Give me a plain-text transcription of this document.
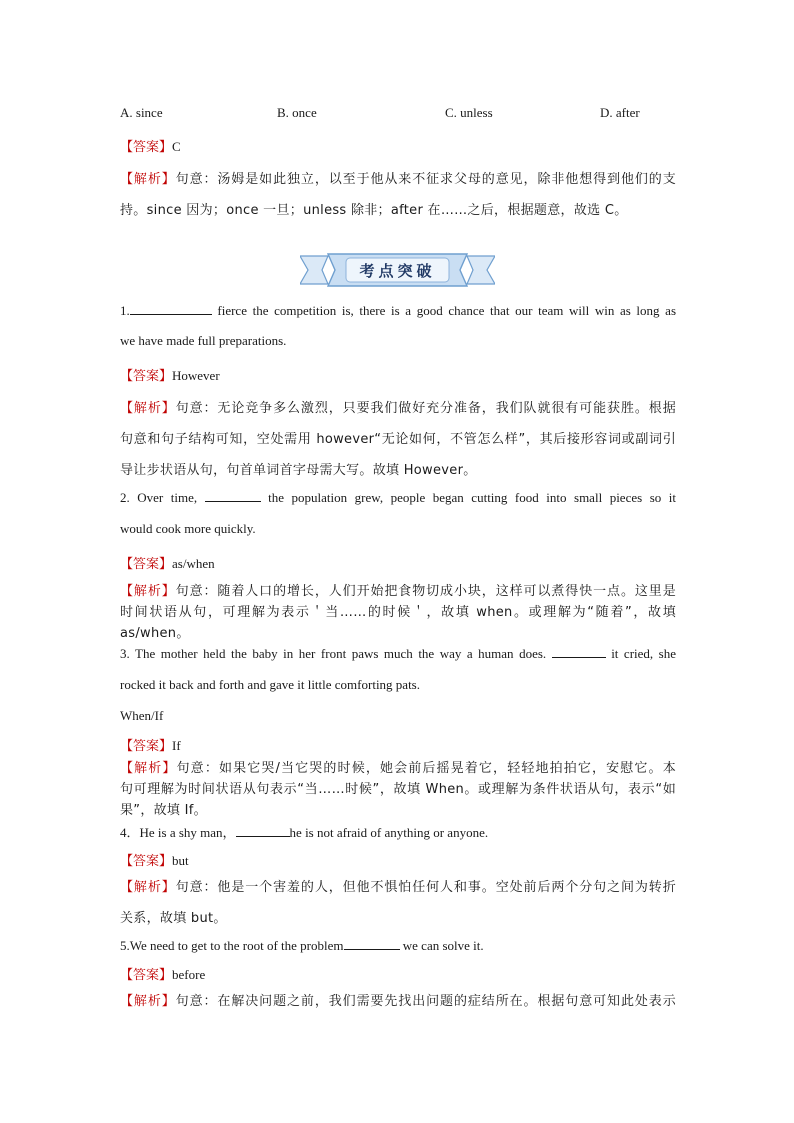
A. since	B. once	C. unless	D. after
【答案】C
【解析】句意：汤姆是如此独立，以至于他从来不征求父母的意见，除非他想得到他们的支
持。since 因为；once 一旦；unless 除非；after 在……之后，根据题意，故选 C。
考点突破
1.	fierce the competition is, there is a good chance that our team will win as long as
we have made full preparations.
【答案】However
【解析】句意：无论竞争多么激烈，只要我们做好充分准备，我们队就很有可能获胜。根据
句意和句子结构可知，空处需用 however“无论如何，不管怎么样”，其后接形容词或副词引
导让步状语从句，句首单词首字母需大写。故填 However。
2. Over time,	the population grew, people began cutting food into small pieces so it
would cook more quickly.
【答案】as/when
【解析】句意：随着人口的增长，人们开始把食物切成小块，这样可以煮得快一点。这里是
时间状语从句，可理解为表示＇当……的时候＇，故填 when。或理解为“随着”，故填
as/when。
3. The mother held the baby in her front paws much the way a human does.	it cried, she
rocked it back and forth and gave it little comforting pats.
When/If
【答案】If
【解析】句意：如果它哭/当它哭的时候，她会前后摇晃着它，轻轻地拍拍它，安慰它。本
句可理解为时间状语从句表示“当……时候”，故填 When。或理解为条件状语从句，表示“如
果”，故填 If。
4．He is a shy man，	he is not afraid of anything or anyone.
【答案】but
【解析】句意：他是一个害羞的人，但他不惧怕任何人和事。空处前后两个分句之间为转折
关系，故填 but。
5.We need to get to the root of the problem	we can solve it.
【答案】before
【解析】句意：在解决问题之前，我们需要先找出问题的症结所在。根据句意可知此处表示
